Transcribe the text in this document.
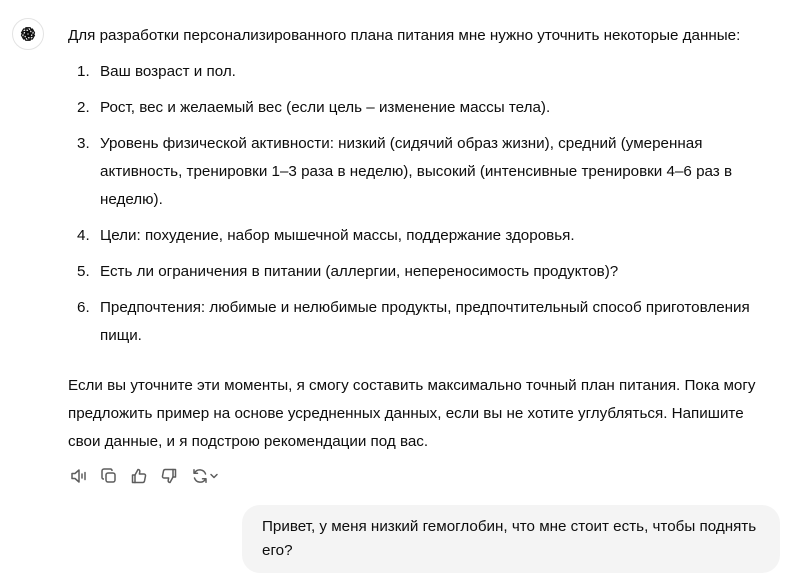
Для разработки персонализированного плана питания мне нужно уточнить некоторые данные:

1. Ваш возраст и пол.
2. Рост, вес и желаемый вес (если цель – изменение массы тела).
3. Уровень физической активности: низкий (сидячий образ жизни), средний (умеренная активность, тренировки 1–3 раза в неделю), высокий (интенсивные тренировки 4–6 раз в неделю).
4. Цели: похудение, набор мышечной массы, поддержание здоровья.
5. Есть ли ограничения в питании (аллергии, непереносимость продуктов)?
6. Предпочтения: любимые и нелюбимые продукты, предпочтительный способ приготовления пищи.

Если вы уточните эти моменты, я смогу составить максимально точный план питания. Пока могу предложить пример на основе усредненных данных, если вы не хотите углубляться. Напишите свои данные, и я подстрою рекомендации под вас.

Привет, у меня низкий гемоглобин, что мне стоит есть, чтобы поднять его?
